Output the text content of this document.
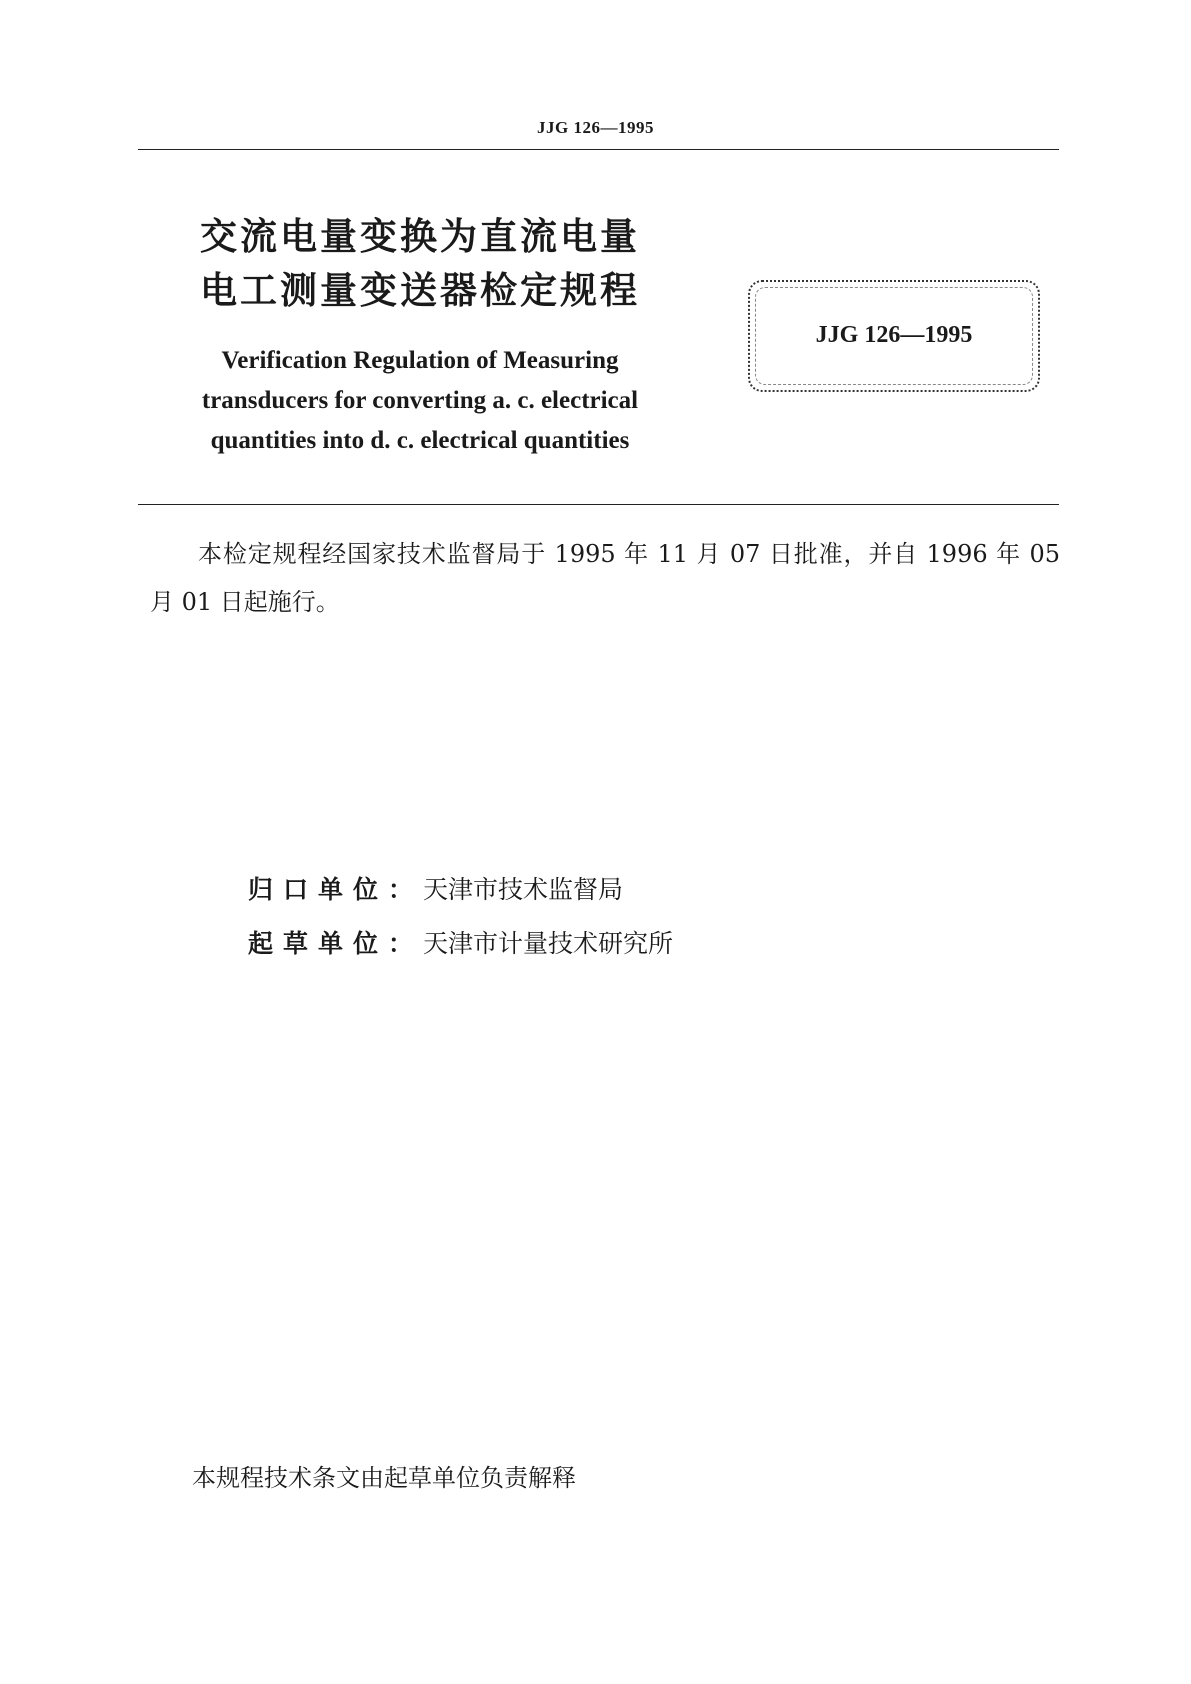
JJG 126—1995
交流电量变换为直流电量
电工测量变送器检定规程
Verification Regulation of Measuring
transducers for converting a. c. electrical
quantities into d. c. electrical quantities
JJG 126—1995
本检定规程经国家技术监督局于 1995 年 11 月 07 日批准，并自 1996 年 05 月 01 日起施行。
归口单位：天津市技术监督局
起草单位：天津市计量技术研究所
本规程技术条文由起草单位负责解释
